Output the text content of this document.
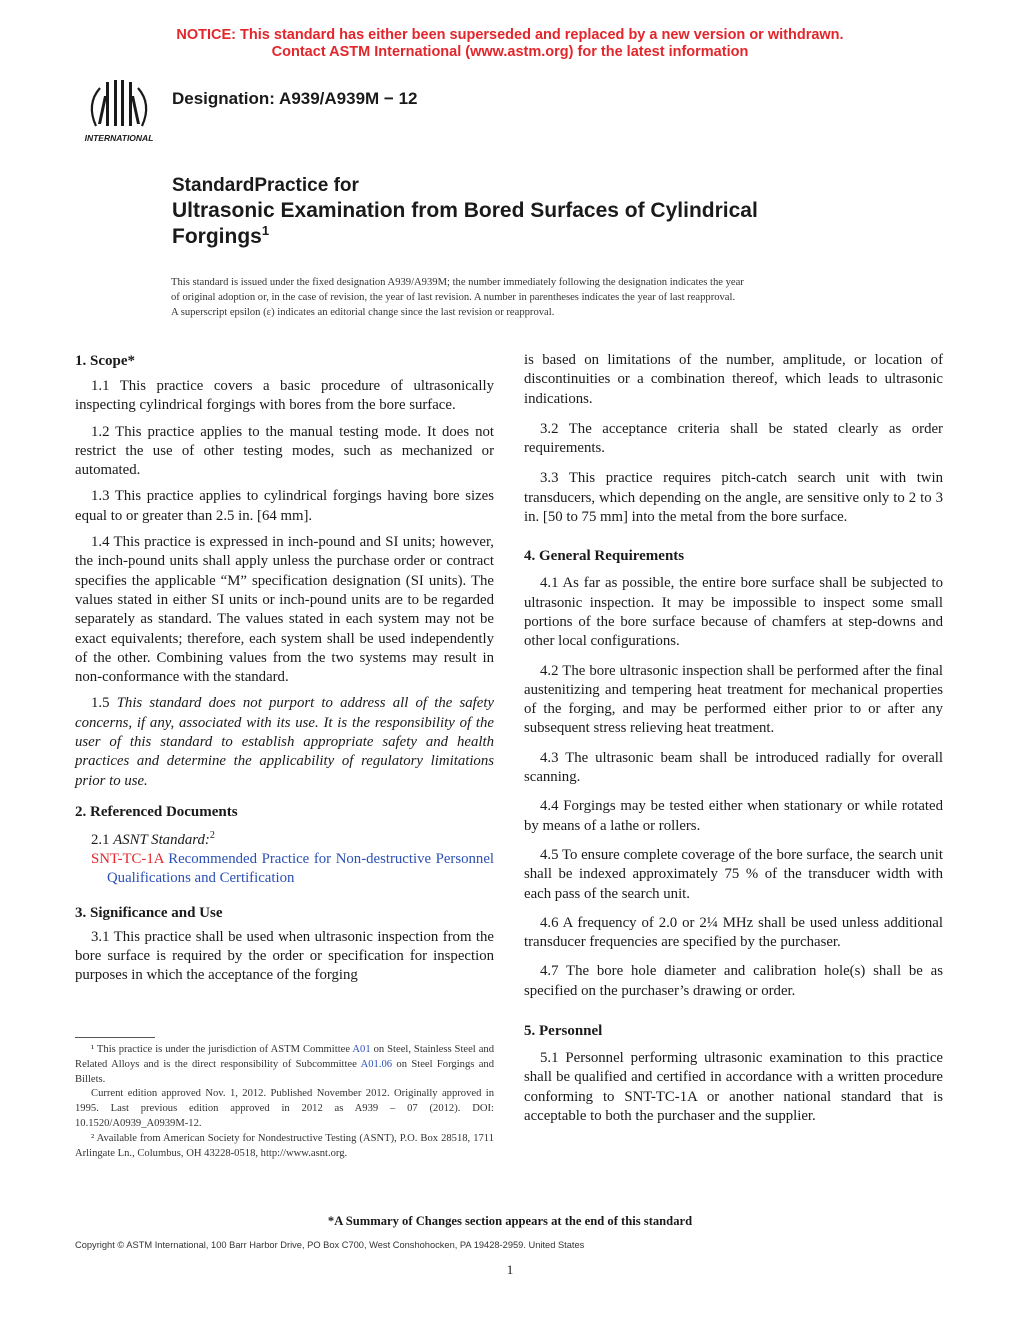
NOTICE: This standard has either been superseded and replaced by a new version or withdrawn.
Contact ASTM International (www.astm.org) for the latest information
INTERNATIONAL
Designation: A939/A939M − 12
StandardPractice for
Ultrasonic Examination from Bored Surfaces of Cylindrical
Forgings$^1$
This standard is issued under the fixed designation A939/A939M; the number immediately following the designation indicates the year
of original adoption or, in the case of revision, the year of last revision. A number in parentheses indicates the year of last reapproval.
A superscript epsilon (ε) indicates an editorial change since the last revision or reapproval.
1. Scope*

1.1 This practice covers a basic procedure of ultrasonically inspecting cylindrical forgings with bores from the bore surface.

1.2 This practice applies to the manual testing mode. It does not restrict the use of other testing modes, such as mechanized or automated.

1.3 This practice applies to cylindrical forgings having bore sizes equal to or greater than 2.5 in. [64 mm].

1.4 This practice is expressed in inch-pound and SI units; however, the inch-pound units shall apply unless the purchase order or contract specifies the applicable “M” specification designation (SI units). The values stated in either SI units or inch-pound units are to be regarded separately as standard. The values stated in each system may not be exact equivalents; therefore, each system shall be used independently of the other. Combining values from the two systems may result in non-conformance with the standard.

1.5 This standard does not purport to address all of the safety concerns, if any, associated with its use. It is the responsibility of the user of this standard to establish appropriate safety and health practices and determine the applicability of regulatory limitations prior to use.

2. Referenced Documents

2.1 ASNT Standard:$^2$

SNT-TC-1A Recommended Practice for Non-destructive Personnel Qualifications and Certification

3. Significance and Use

3.1 This practice shall be used when ultrasonic inspection from the bore surface is required by the order or specification for inspection purposes in which the acceptance of the forging

¹ This practice is under the jurisdiction of ASTM Committee A01 on Steel, Stainless Steel and Related Alloys and is the direct responsibility of Subcommittee A01.06 on Steel Forgings and Billets.

Current edition approved Nov. 1, 2012. Published November 2012. Originally approved in 1995. Last previous edition approved in 2012 as A939 – 07 (2012). DOI: 10.1520/A0939_A0939M-12.

² Available from American Society for Nondestructive Testing (ASNT), P.O. Box 28518, 1711 Arlingate Ln., Columbus, OH 43228-0518, http://www.asnt.org.

is based on limitations of the number, amplitude, or location of discontinuities or a combination thereof, which leads to ultrasonic indications.

3.2 The acceptance criteria shall be stated clearly as order requirements.

3.3 This practice requires pitch-catch search unit with twin transducers, which depending on the angle, are sensitive only to 2 to 3 in. [50 to 75 mm] into the metal from the bore surface.

4. General Requirements

4.1 As far as possible, the entire bore surface shall be subjected to ultrasonic inspection. It may be impossible to inspect some small portions of the bore surface because of chamfers at step-downs and other local configurations.

4.2 The bore ultrasonic inspection shall be performed after the final austenitizing and tempering heat treatment for mechanical properties of the forging, and may be performed either prior to or after any subsequent stress relieving heat treatment.

4.3 The ultrasonic beam shall be introduced radially for overall scanning.

4.4 Forgings may be tested either when stationary or while rotated by means of a lathe or rollers.

4.5 To ensure complete coverage of the bore surface, the search unit shall be indexed approximately 75 % of the transducer width with each pass of the search unit.

4.6 A frequency of 2.0 or 2¼ MHz shall be used unless additional transducer frequencies are specified by the purchaser.

4.7 The bore hole diameter and calibration hole(s) shall be as specified on the purchaser’s drawing or order.

5. Personnel

5.1 Personnel performing ultrasonic examination to this practice shall be qualified and certified in accordance with a written procedure conforming to SNT-TC-1A or another national standard that is acceptable to both the purchaser and the supplier.

*A Summary of Changes section appears at the end of this standard
Copyright © ASTM International, 100 Barr Harbor Drive, PO Box C700, West Conshohocken, PA 19428-2959. United States
1
